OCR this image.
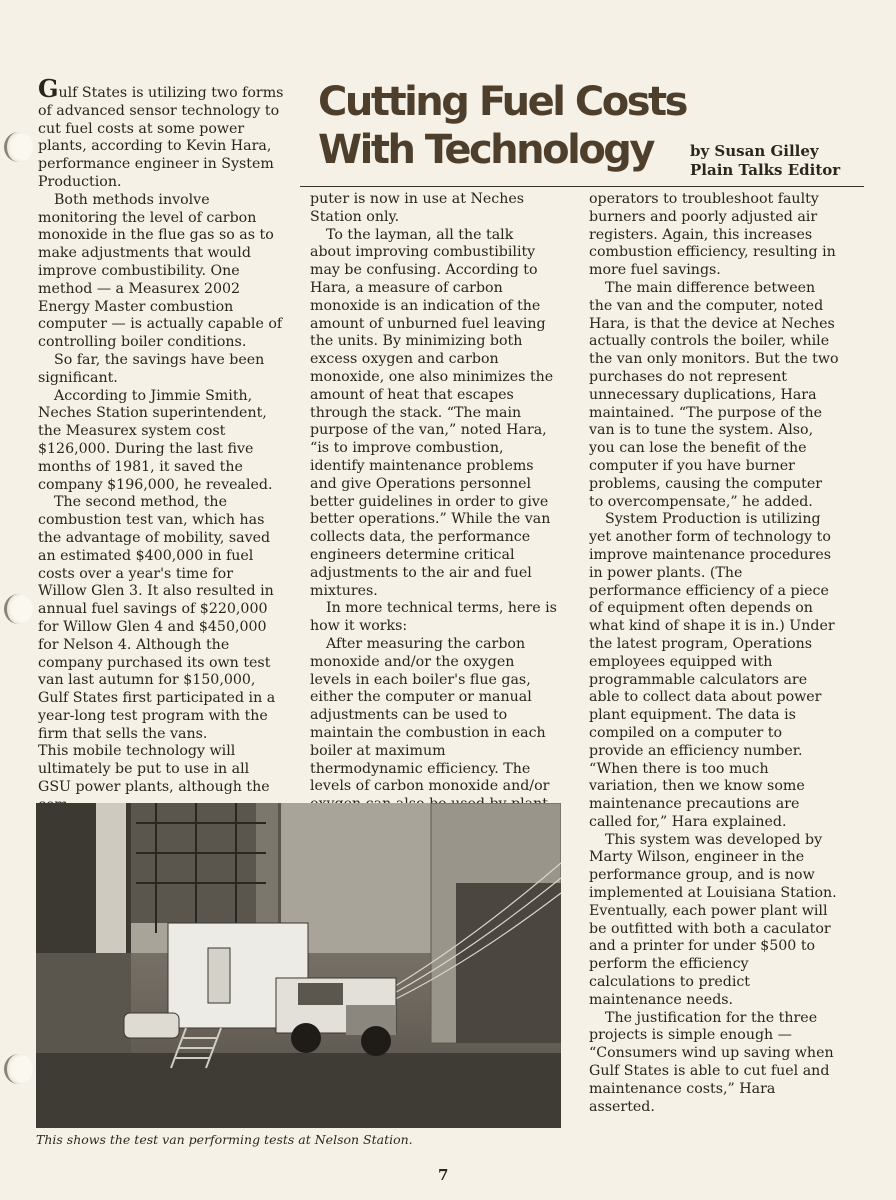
Cutting Fuel Costs
With Technology	by Susan Gilley
Plain Talks Editor

Gulf States is utilizing two forms of advanced sensor technology to cut fuel costs at some power plants, according to Kevin Hara, performance engineer in System Production.

Both methods involve monitoring the level of carbon monoxide in the flue gas so as to make adjustments that would improve combustibility. One method — a Measurex 2002 Energy Master combustion computer — is actually capable of controlling boiler conditions.

So far, the savings have been significant.

According to Jimmie Smith, Neches Station superintendent, the Measurex system cost $126,000. During the last five months of 1981, it saved the company $196,000, he revealed.

The second method, the combustion test van, which has the advantage of mobility, saved an estimated $400,000 in fuel costs over a year's time for Willow Glen 3. It also resulted in annual fuel savings of $220,000 for Willow Glen 4 and $450,000 for Nelson 4. Although the company purchased its own test van last autumn for $150,000, Gulf States first participated in a year-long test program with the firm that sells the vans.

This mobile technology will ultimately be put to use in all GSU power plants, although the

puter is now in use at Neches Station only.

To the layman, all the talk about improving combustibility may be confusing. According to Hara, a measure of carbon monoxide is an indication of the amount of unburned fuel leaving the units. By minimizing both excess oxygen and carbon monoxide, one also minimizes the amount of heat that escapes through the stack. “The main purpose of the van,” noted Hara, “is to improve combustion, identify maintenance problems and give Operations personnel better guidelines in order to give better operations.” While the van collects data, the performance engineers determine critical adjustments to the air and fuel mixtures.

In more technical terms, here is how it works:

After measuring the carbon monoxide and/or the oxygen levels in each boiler's flue gas, either the computer or manual adjustments can be used to maintain the combustion in each boiler at maximum thermodynamic efficiency. The levels of carbon monoxide and/or

operators to troubleshoot faulty burners and poorly adjusted air registers. Again, this increases combustion efficiency, resulting in more fuel savings.

The main difference between the van and the computer, noted Hara, is that the device at Neches actually controls the boiler, while the van only monitors. But the two purchases do not represent unnecessary duplications, Hara maintained. “The purpose of the van is to tune the system. Also, you can lose the benefit of the computer if you have burner problems, causing the computer to overcompensate,” he added.

System Production is utilizing yet another form of technology to improve maintenance procedures in power plants. (The performance efficiency of a piece of equipment often depends on what kind of shape it is in.) Under the latest program, Operations employees equipped with programmable calculators are able to collect data about power plant equipment. The data is compiled on a computer to provide an efficiency number. “When there is too much variation, then we know some maintenance precautions are called for,” Hara explained.

This system was developed by Marty Wilson, engineer in the performance group, and is now implemented at Louisiana Station. Eventually, each power plant will be outfitted with both a caculator and a printer for under $500 to perform the efficiency calculations to predict maintenance needs.

The justification for the three projects is simple enough — “Consumers wind up saving when Gulf States is able to cut fuel and maintenance costs,” Hara asserted.

This shows the test van performing tests at Nelson Station.
7
